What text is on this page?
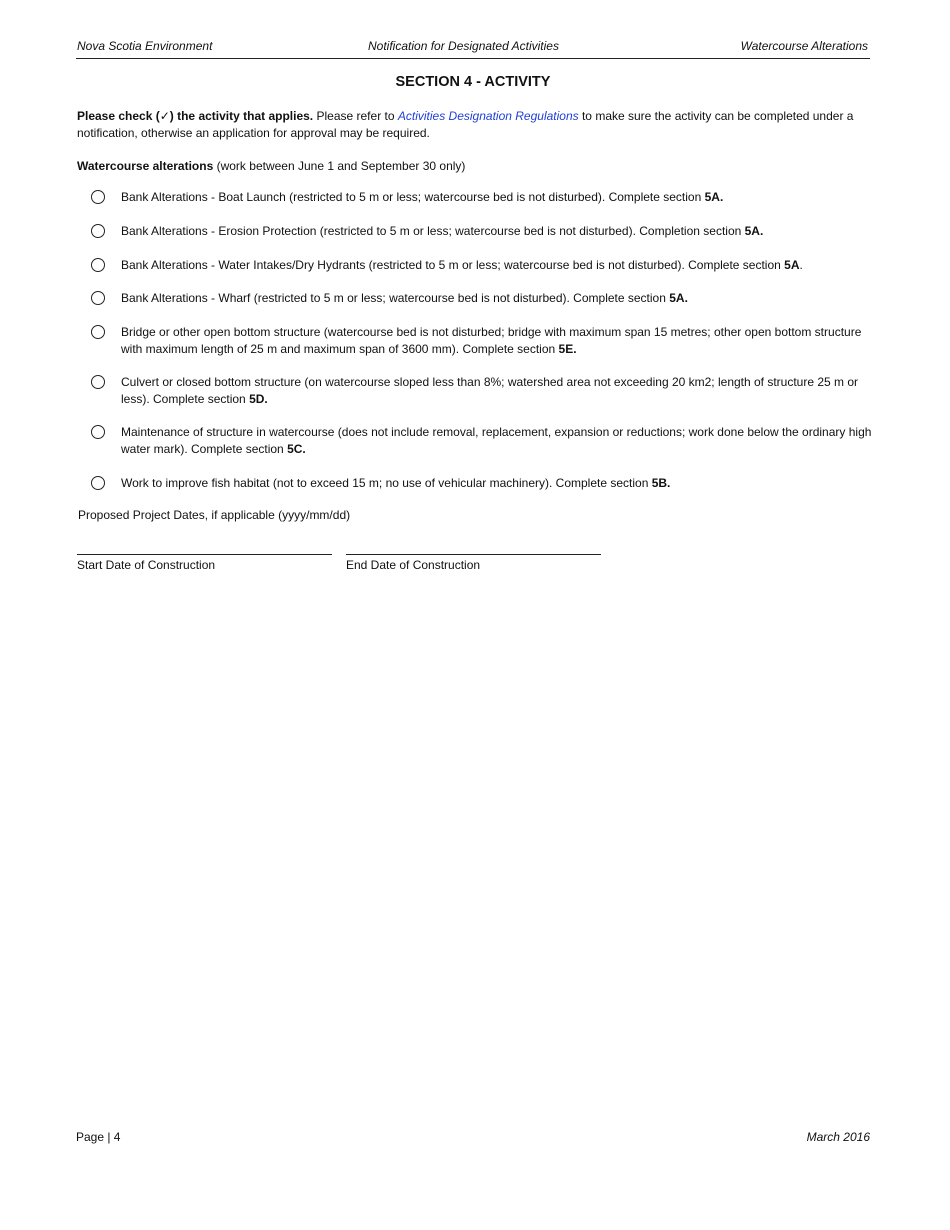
Nova Scotia Environment	Notification for Designated Activities	Watercourse Alterations
SECTION 4 - ACTIVITY
Please check (✓) the activity that applies. Please refer to Activities Designation Regulations to make sure the activity can be completed under a notification, otherwise an application for approval may be required.
Watercourse alterations (work between June 1 and September 30 only)
Bank Alterations - Boat Launch (restricted to 5 m or less; watercourse bed is not disturbed). Complete section 5A.
Bank Alterations - Erosion Protection (restricted to 5 m or less; watercourse bed is not disturbed). Completion section 5A.
Bank Alterations - Water Intakes/Dry Hydrants (restricted to 5 m or less; watercourse bed is not disturbed). Complete section 5A.
Bank Alterations - Wharf (restricted to 5 m or less; watercourse bed is not disturbed). Complete section 5A.
Bridge or other open bottom structure (watercourse bed is not disturbed; bridge with maximum span 15 metres; other open bottom structure with maximum length of 25 m and maximum span of 3600 mm). Complete section 5E.
Culvert or closed bottom structure (on watercourse sloped less than 8%; watershed area not exceeding 20 km2; length of structure 25 m or less). Complete section 5D.
Maintenance of structure in watercourse (does not include removal, replacement, expansion or reductions; work done below the ordinary high water mark). Complete section 5C.
Work to improve fish habitat (not to exceed 15 m; no use of vehicular machinery). Complete section 5B.
Proposed Project Dates, if applicable (yyyy/mm/dd)
Start Date of Construction	End Date of Construction
Page | 4	March 2016
